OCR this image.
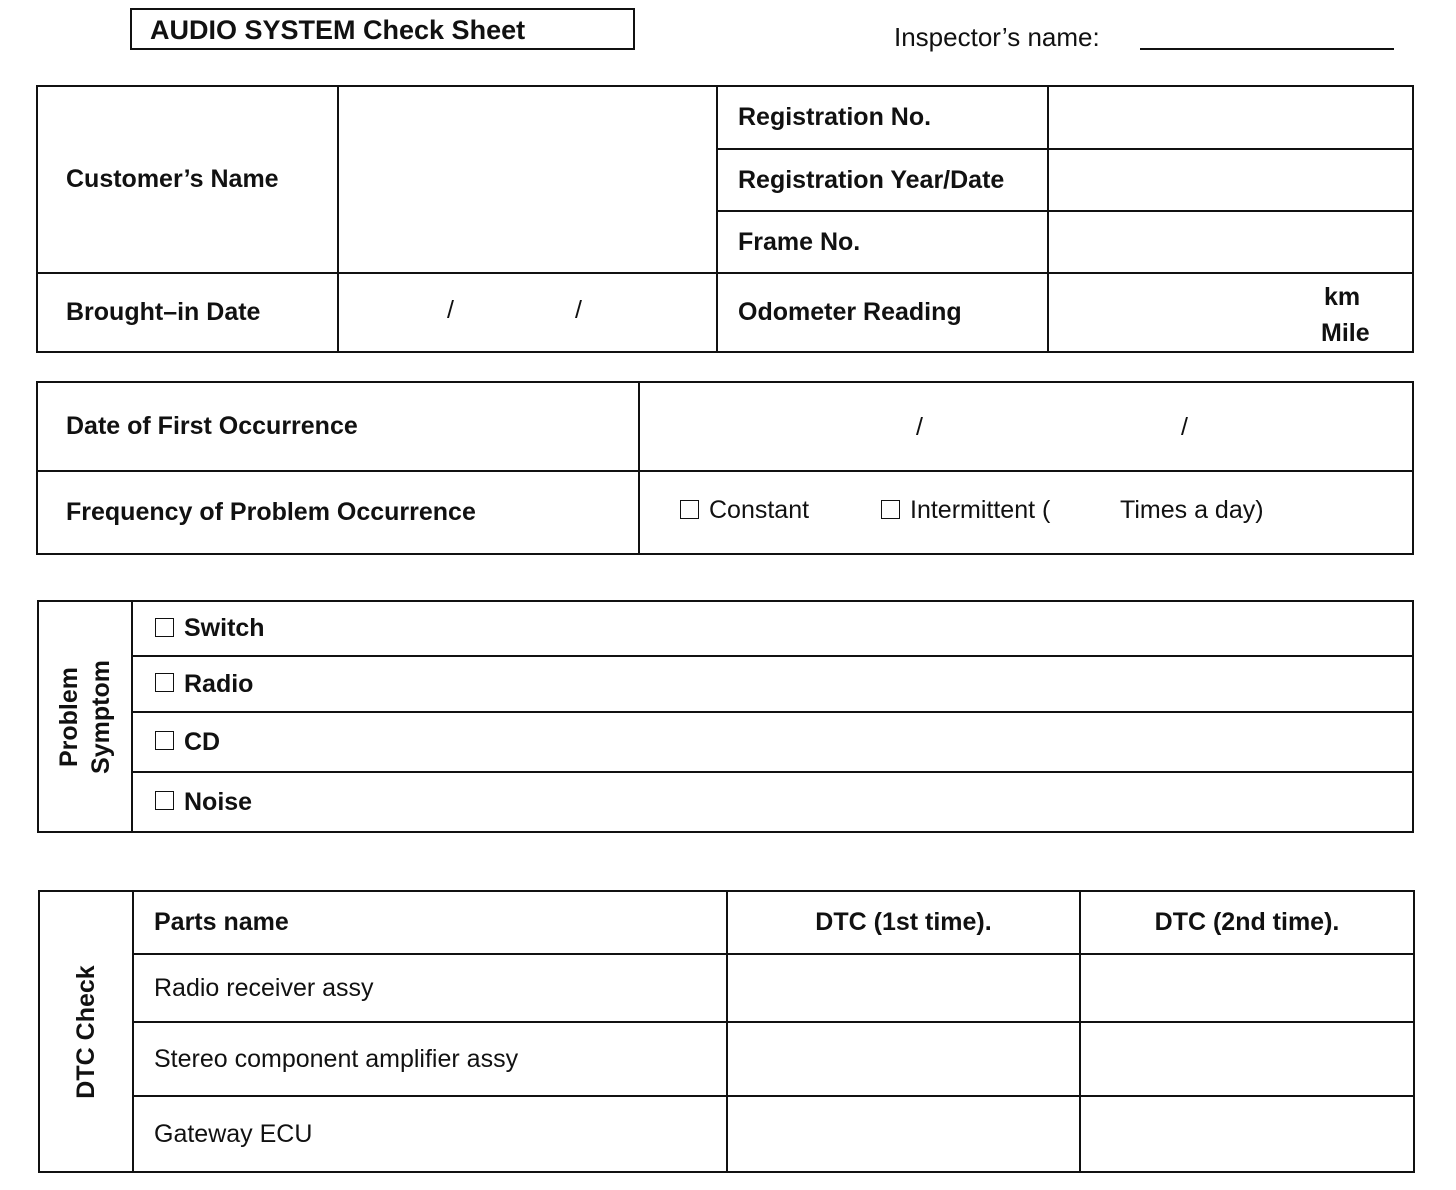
AUDIO SYSTEM Check Sheet	Inspector’s name:
Customer’s Name		Registration No.	
		Registration Year/Date	
		Frame No.	
Brought–in Date	/ /	Odometer Reading	km
Mile
Date of First Occurrence	/ /

Frequency of Problem Occurrence	Constant Intermittent ( Times a day)
Problem Symptom
	Switch
Radio
CD
Noise
DTC Check	Parts name	DTC (1st time).	DTC (2nd time).
	Radio receiver assy		
	Stereo component amplifier assy		
	Gateway ECU		
